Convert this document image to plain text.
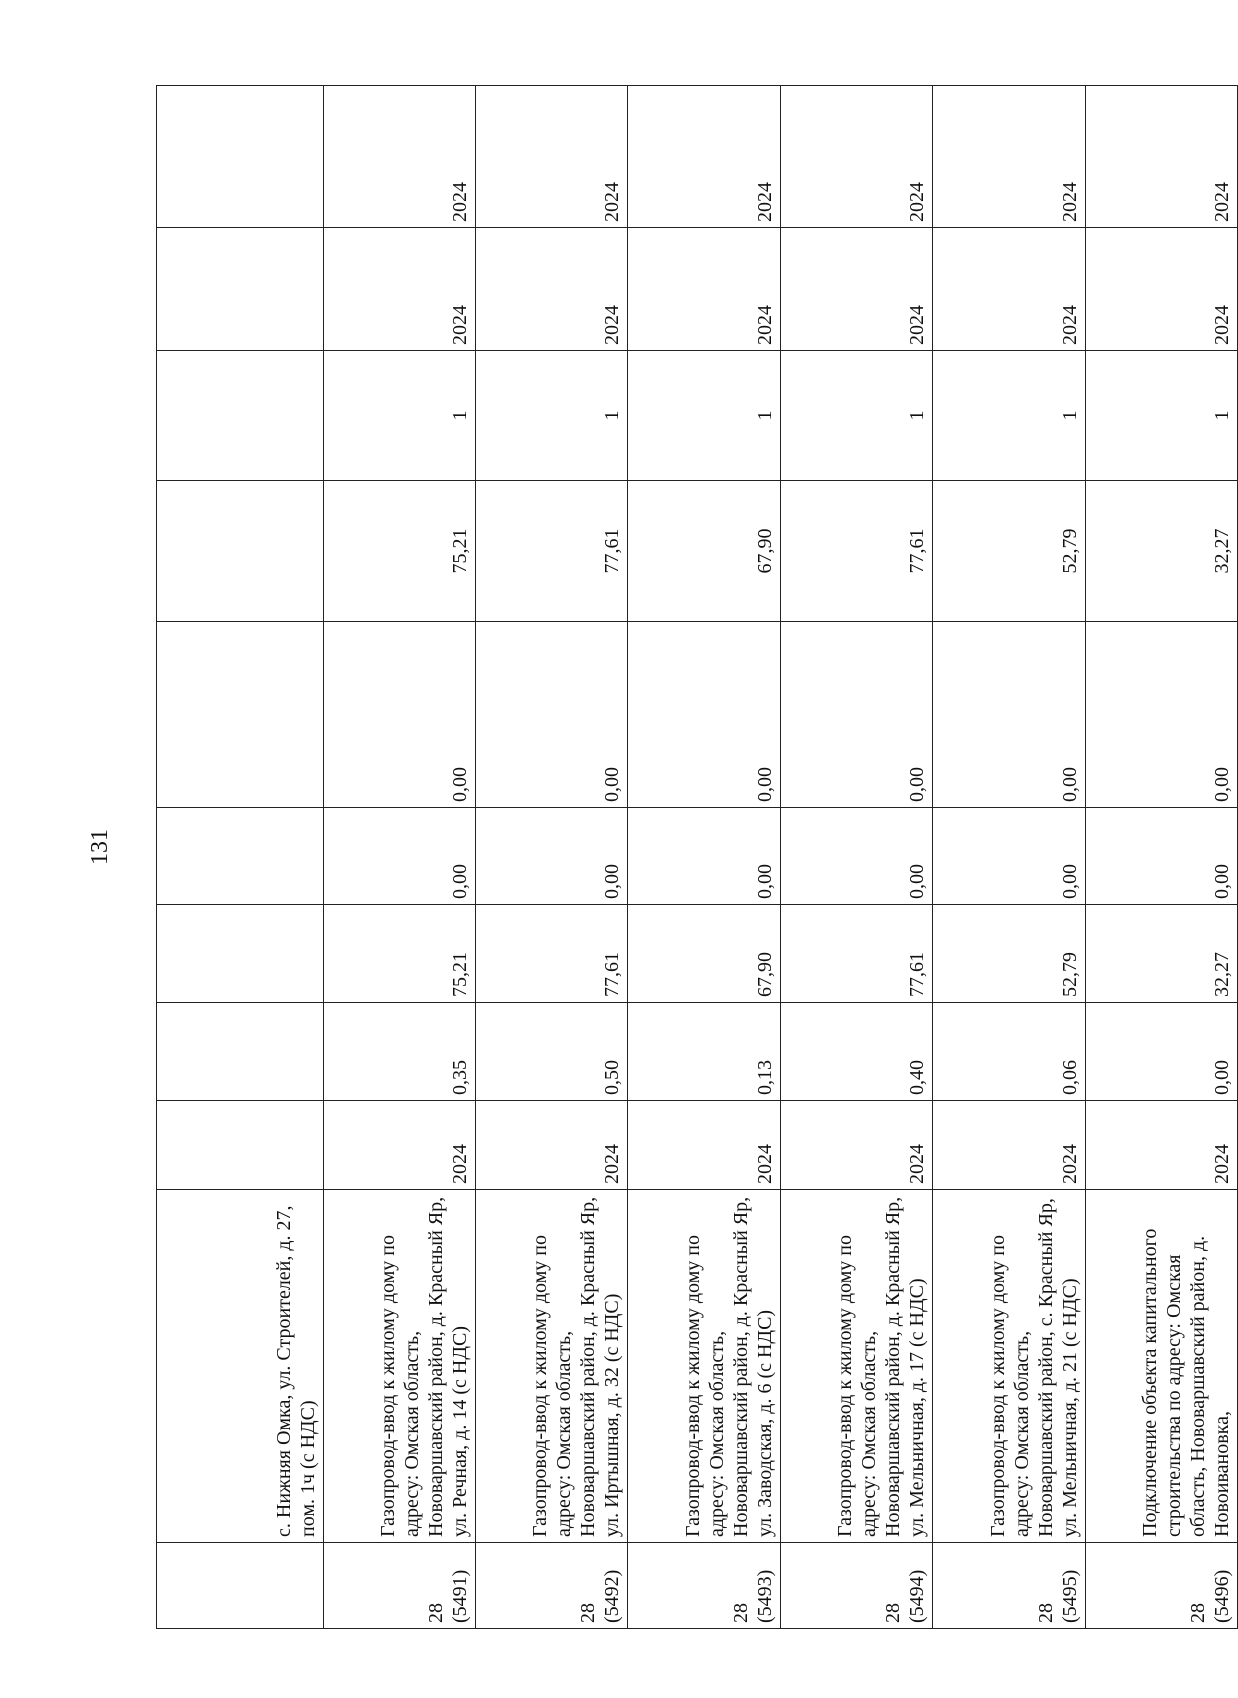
131
	с. Нижняя Омка, ул. Строителей, д. 27, пом. 1ч (с НДС)									

28 (5491)	Газопровод-ввод к жилому дому по адресу: Омская область, Нововаршавский район, д. Красный Яр, ул. Речная, д. 14 (с НДС)	2024	0,35	75,21	0,00	0,00	75,21	1	2024	2024

28 (5492)	Газопровод-ввод к жилому дому по адресу: Омская область, Нововаршавский район, д. Красный Яр, ул. Иртышная, д. 32 (с НДС)	2024	0,50	77,61	0,00	0,00	77,61	1	2024	2024

28 (5493)	Газопровод-ввод к жилому дому по адресу: Омская область, Нововаршавский район, д. Красный Яр, ул. Заводская, д. 6 (с НДС)	2024	0,13	67,90	0,00	0,00	67,90	1	2024	2024

28 (5494)	Газопровод-ввод к жилому дому по адресу: Омская область, Нововаршавский район, д. Красный Яр, ул. Мельничная, д. 17 (с НДС)	2024	0,40	77,61	0,00	0,00	77,61	1	2024	2024

28 (5495)	Газопровод-ввод к жилому дому по адресу: Омская область, Нововаршавский район, с. Красный Яр, ул. Мельничная, д. 21 (с НДС)	2024	0,06	52,79	0,00	0,00	52,79	1	2024	2024

28 (5496)	Подключение объекта капитального строительства по адресу: Омская область, Нововаршавский район, д. Новоивановка,	2024	0,00	32,27	0,00	0,00	32,27	1	2024	2024
